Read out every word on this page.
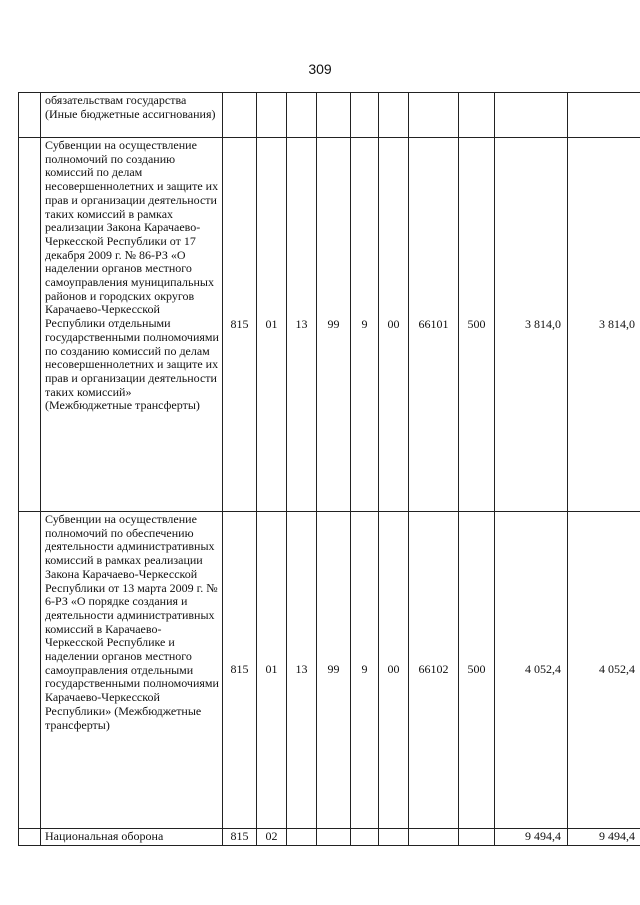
309
	обязательствам государства (Иные бюджетные ассигнования)										
	Субвенции на осуществление полномочий по созданию комиссий по делам несовершеннолетних и защите их прав и организации деятельности таких комиссий в рамках реализации Закона Карачаево-Черкесской Республики от 17 декабря 2009 г. № 86-РЗ «О наделении органов местного самоуправления муниципальных районов и городских округов Карачаево-Черкесской Республики отдельными государственными полномочиями по созданию комиссий по делам несовершеннолетних и защите их прав и организации деятельности таких комиссий» (Межбюджетные трансферты)	815	01	13	99	9	00	66101	500	3 814,0	3 814,0
	Субвенции на осуществление полномочий по обеспечению деятельности административных комиссий в рамках реализации Закона Карачаево-Черкесской Республики от 13 марта 2009 г. № 6-РЗ «О порядке создания и деятельности административных комиссий в Карачаево-Черкесской Республике и наделении органов местного самоуправления отдельными государственными полномочиями Карачаево-Черкесской Республики» (Межбюджетные трансферты)	815	01	13	99	9	00	66102	500	4 052,4	4 052,4
	Национальная оборона	815	02							9 494,4	9 494,4
